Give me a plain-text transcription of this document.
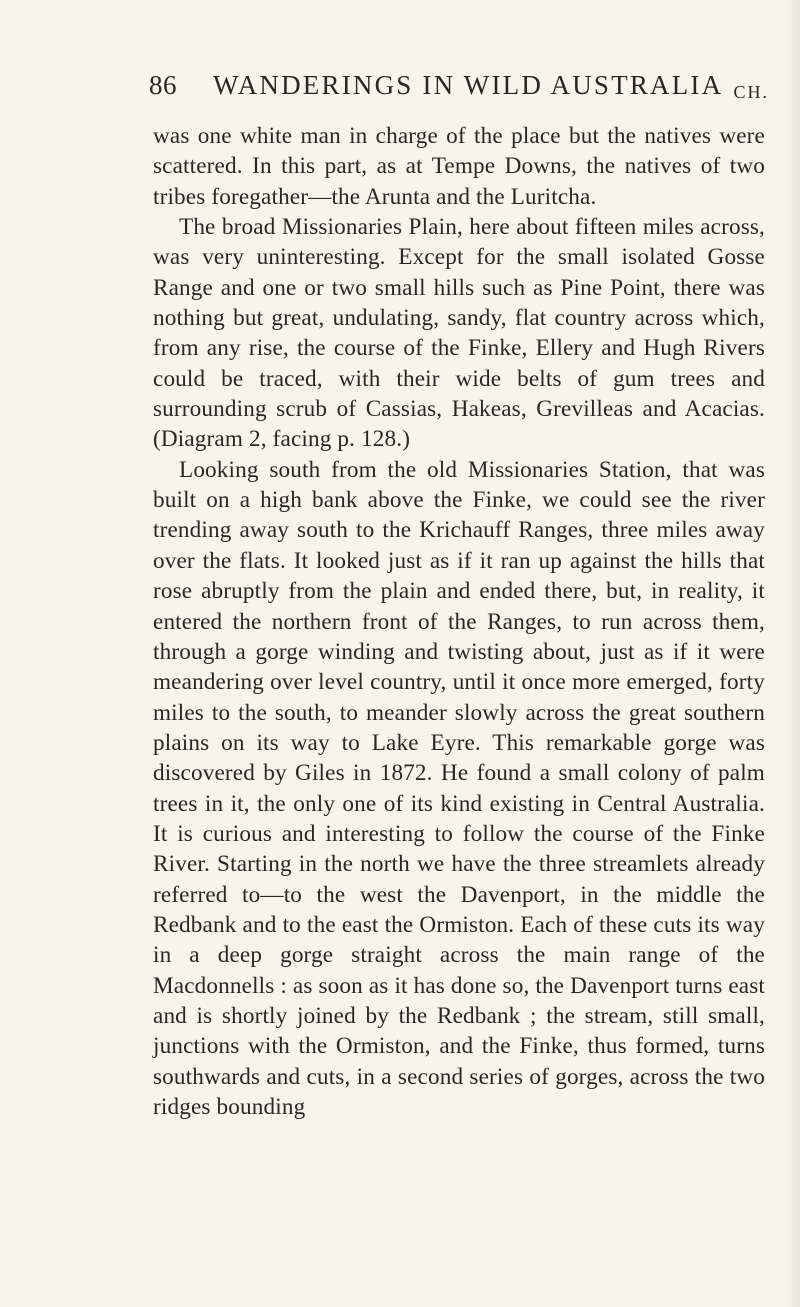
86 WANDERINGS IN WILD AUSTRALIA CH.

was one white man in charge of the place but the natives were scattered. In this part, as at Tempe Downs, the natives of two tribes foregather—the Arunta and the Luritcha.

The broad Missionaries Plain, here about fifteen miles across, was very uninteresting. Except for the small isolated Gosse Range and one or two small hills such as Pine Point, there was nothing but great, undulating, sandy, flat country across which, from any rise, the course of the Finke, Ellery and Hugh Rivers could be traced, with their wide belts of gum trees and surrounding scrub of Cassias, Hakeas, Grevilleas and Acacias. (Diagram 2, facing p. 128.)

Looking south from the old Missionaries Station, that was built on a high bank above the Finke, we could see the river trending away south to the Krichauff Ranges, three miles away over the flats. It looked just as if it ran up against the hills that rose abruptly from the plain and ended there, but, in reality, it entered the northern front of the Ranges, to run across them, through a gorge winding and twisting about, just as if it were meandering over level country, until it once more emerged, forty miles to the south, to meander slowly across the great southern plains on its way to Lake Eyre. This remarkable gorge was discovered by Giles in 1872. He found a small colony of palm trees in it, the only one of its kind existing in Central Australia. It is curious and interesting to follow the course of the Finke River. Starting in the north we have the three streamlets already referred to—to the west the Davenport, in the middle the Redbank and to the east the Ormiston. Each of these cuts its way in a deep gorge straight across the main range of the Macdonnells : as soon as it has done so, the Davenport turns east and is shortly joined by the Redbank ; the stream, still small, junctions with the Ormiston, and the Finke, thus formed, turns southwards and cuts, in a second series of gorges, across the two ridges bounding
